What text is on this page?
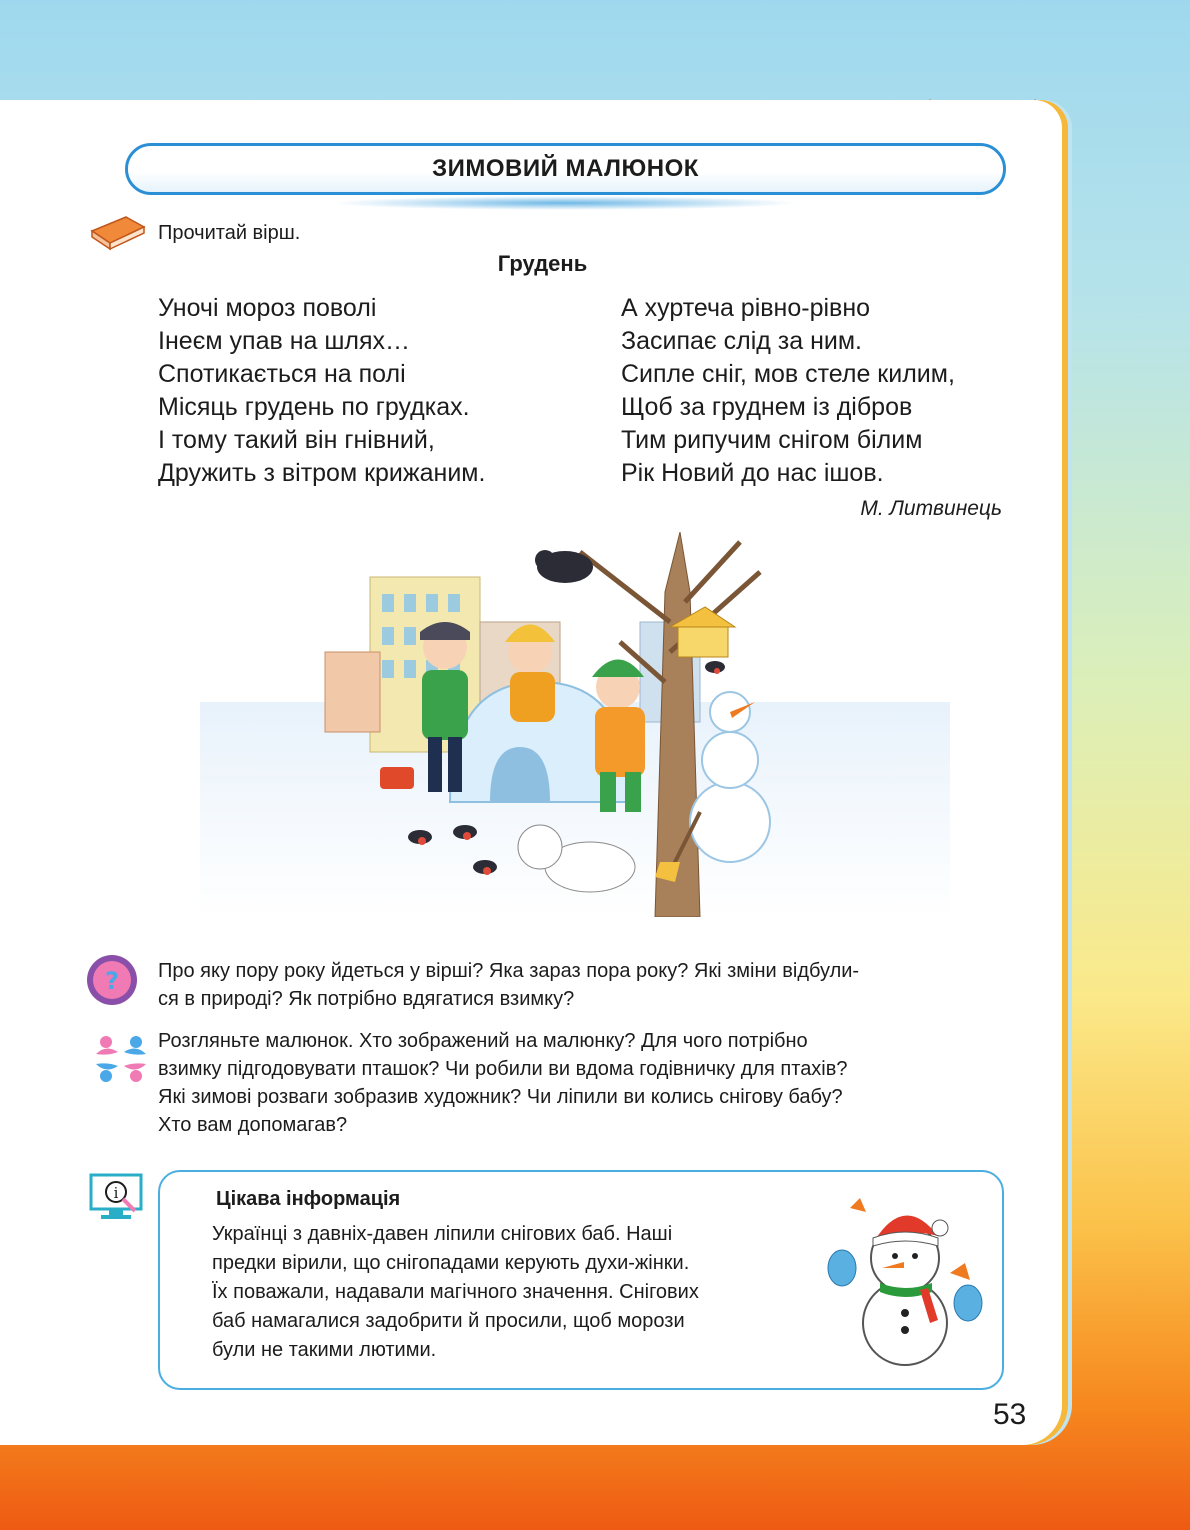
ЗИМОВИЙ МАЛЮНОК
Прочитай вірш.
Грудень
Уночі мороз поволі
Інеєм упав на шлях…
Спотикається на полі
Місяць грудень по грудках.
І тому такий він гнівний,
Дружить з вітром крижаним.
А хуртеча рівно-рівно
Засипає слід за ним.
Сипле сніг, мов стеле килим,
Щоб за груднем із дібров
Тим рипучим снігом білим
Рік Новий до нас ішов.
М. Литвинець
? Про яку пору року йдеться у вірші? Яка зараз пора року? Які зміни відбули-
ся в природі? Як потрібно вдягатися взимку?
Розгляньте малюнок. Хто зображений на малюнку? Для чого потрібно
взимку підгодовувати пташок? Чи робили ви вдома годівничку для птахів?
Які зимові розваги зобразив художник? Чи ліпили ви колись снігову бабу?
Хто вам допомагав?
i	Цікава інформація
Українці з давніх-давен ліпили снігових баб. Наші
предки вірили, що снігопадами керують духи-жінки.
Їх поважали, надавали магічного значення. Снігових
баб намагалися задобрити й просили, щоб морози
були не такими лютими.
53
